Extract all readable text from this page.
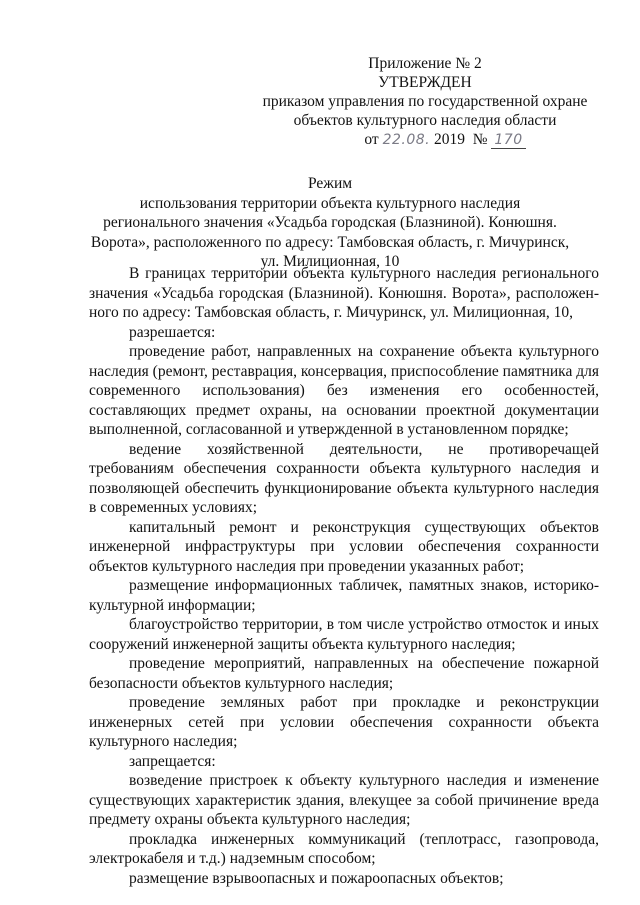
Приложение № 2
УТВЕРЖДЕН
приказом управления по государственной охране
объектов культурного наследия области
от 22.08. 2019 № 170
Режим
использования территории объекта культурного наследия
регионального значения «Усадьба городская (Блазниной). Конюшня.
Ворота», расположенного по адресу: Тамбовская область, г. Мичуринск,
ул. Милиционная, 10

В границах территории объекта культурного наследия регионального значения «Усадьба городская (Блазниной). Конюшня. Ворота», расположенного по адресу: Тамбовская область, г. Мичуринск, ул. Милиционная, 10,

разрешается:

проведение работ, направленных на сохранение объекта культурного наследия (ремонт, реставрация, консервация, приспособление памятника для современного использования) без изменения его особенностей, составляющих предмет охраны, на основании проектной документации выполненной, согласованной и утвержденной в установленном порядке;

ведение хозяйственной деятельности, не противоречащей требованиям обеспечения сохранности объекта культурного наследия и позволяющей обеспечить функционирование объекта культурного наследия в современных условиях;

капитальный ремонт и реконструкция существующих объектов инженерной инфраструктуры при условии обеспечения сохранности объектов культурного наследия при проведении указанных работ;

размещение информационных табличек, памятных знаков, историко-культурной информации;

благоустройство территории, в том числе устройство отмосток и иных сооружений инженерной защиты объекта культурного наследия;

проведение мероприятий, направленных на обеспечение пожарной безопасности объектов культурного наследия;

проведение земляных работ при прокладке и реконструкции инженерных сетей при условии обеспечения сохранности объекта культурного наследия;

запрещается:

возведение пристроек к объекту культурного наследия и изменение существующих характеристик здания, влекущее за собой причинение вреда предмету охраны объекта культурного наследия;

прокладка инженерных коммуникаций (теплотрасс, газопровода, электрокабеля и т.д.) надземным способом;

размещение взрывоопасных и пожароопасных объектов;
